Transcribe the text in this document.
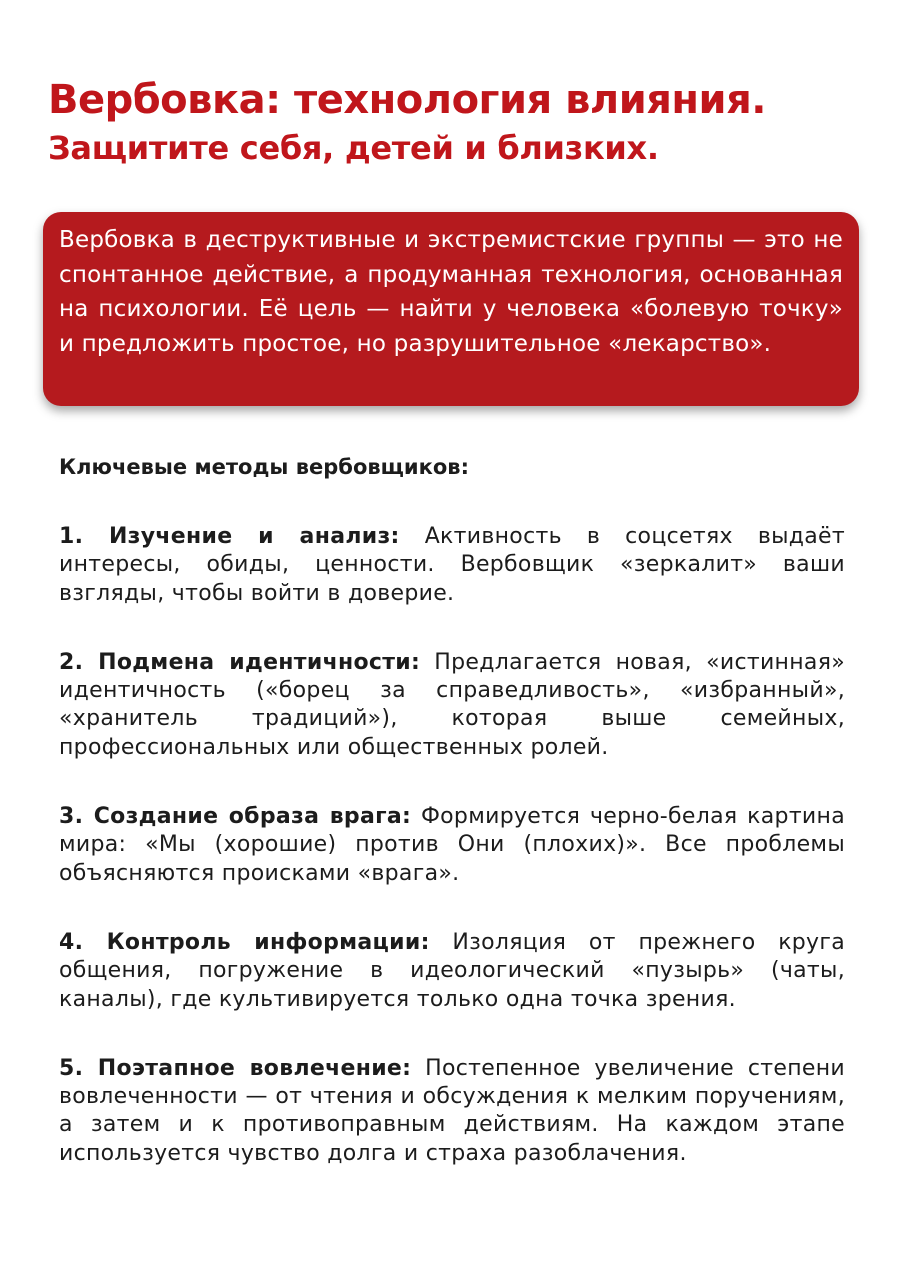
Вербовка: технология влияния.
Защитите себя, детей и близких.
Вербовка в деструктивные и экстремистские группы — это не спонтанное действие, а продуманная технология, основанная на психологии. Её цель — найти у человека «болевую точку» и предложить простое, но разрушительное «лекарство».
Ключевые методы вербовщиков:
1. Изучение и анализ: Активность в соцсетях выдаёт интересы, обиды, ценности. Вербовщик «зеркалит» ваши взгляды, чтобы войти в доверие.
2. Подмена идентичности: Предлагается новая, «истинная» идентичность («борец за справедливость», «избранный», «хранитель традиций»), которая выше семейных, профессиональных или общественных ролей.
3. Создание образа врага: Формируется черно-белая картина мира: «Мы (хорошие) против Они (плохих)». Все проблемы объясняются происками «врага».
4. Контроль информации: Изоляция от прежнего круга общения, погружение в идеологический «пузырь» (чаты, каналы), где культивируется только одна точка зрения.
5. Поэтапное вовлечение: Постепенное увеличение степени вовлеченности — от чтения и обсуждения к мелким поручениям, а затем и к противоправным действиям. На каждом этапе используется чувство долга и страха разоблачения.
